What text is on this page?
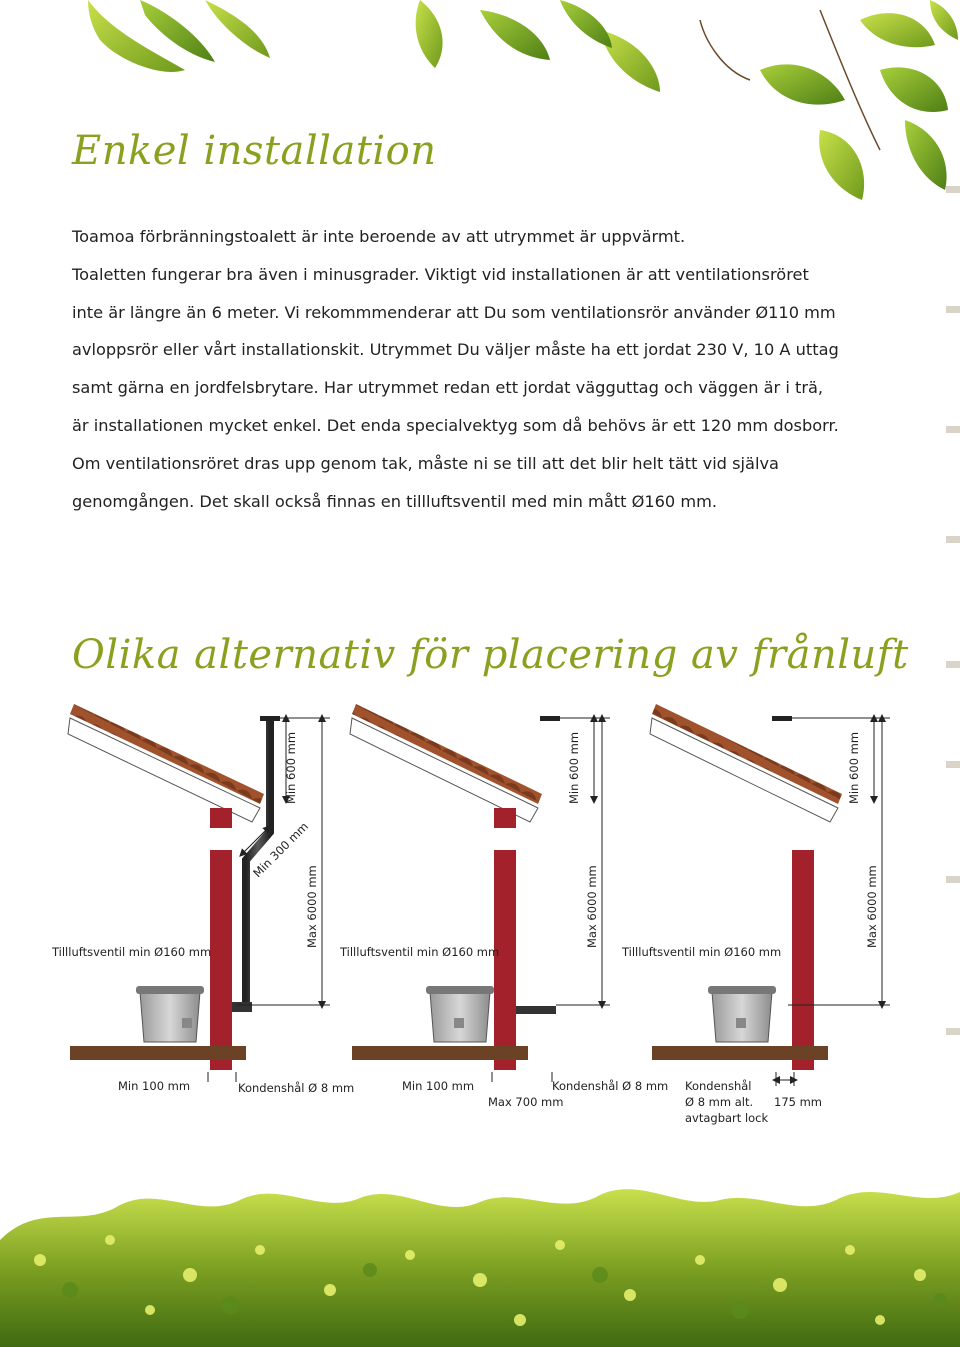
Enkel installation
Toamoa förbränningstoalett är inte beroende av att utrymmet är uppvärmt.
Toaletten fungerar bra även i minusgrader. Viktigt vid installationen är att ventilationsröret
inte är längre än 6 meter. Vi rekommmenderar att Du som ventilationsrör använder Ø110 mm
avloppsrör eller vårt installationskit. Utrymmet Du väljer måste ha ett jordat 230 V, 10 A uttag
samt gärna en jordfelsbrytare. Har utrymmet redan ett jordat vägguttag och väggen är i trä,
är installationen mycket enkel. Det enda specialvektyg som då behövs är ett 120 mm dosborr.
Om ventilationsröret dras upp genom tak, måste ni se till att det blir helt tätt vid själva
genomgången. Det skall också finnas en tillluftsventil med min mått Ø160 mm.
Olika alternativ för placering av frånluft
Min 600 mm
Min 300 mm
Max 6000 mm
Tillluftsventil min Ø160 mm
Min 100 mm	Kondenshål Ø 8 mm
Min 600 mm
Max 6000 mm
Tillluftsventil min Ø160 mm
Min 100 mm	Kondenshål Ø 8 mm
Max 700 mm
Min 600 mm
Max 6000 mm
Tillluftsventil min Ø160 mm
Kondenshål
Ø 8 mm alt.
avtagbart lock
175 mm
